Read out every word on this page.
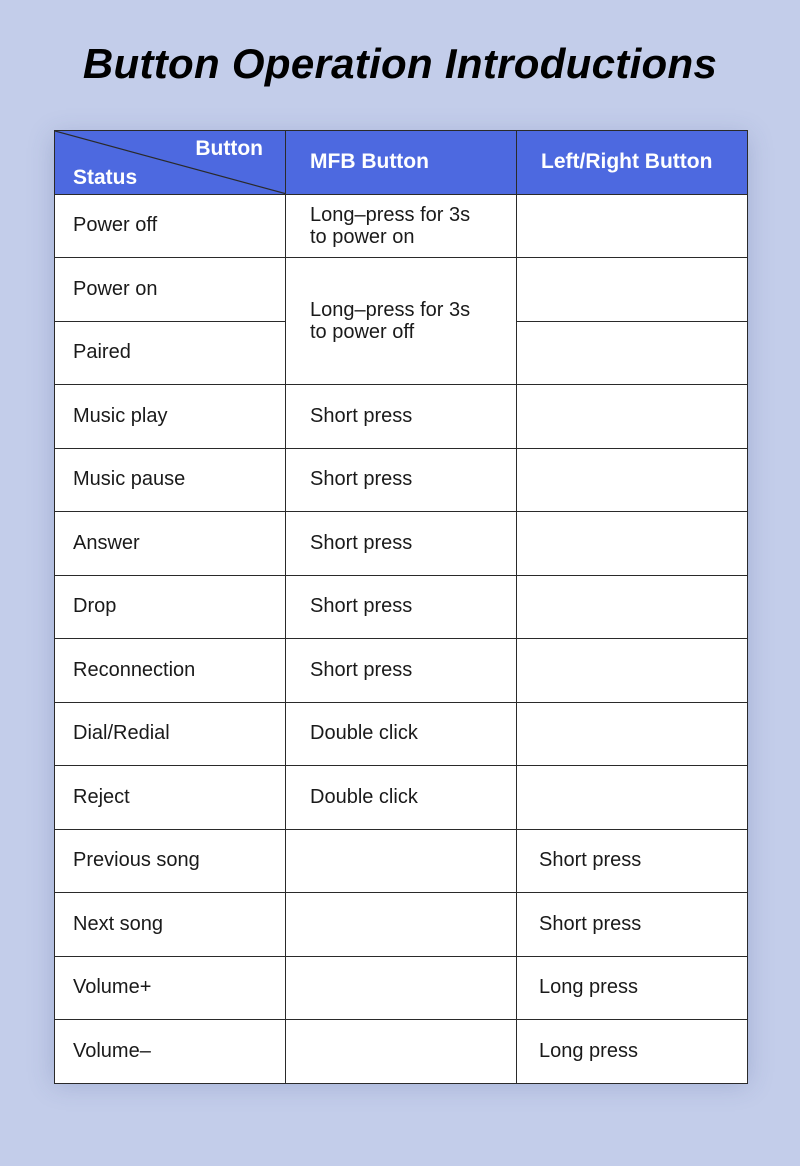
Button Operation Introductions
Button
Status	MFB Button	Left/Right Button
Power off	Long–press for 3s to power on	
Power on	Long–press for 3s to power off	
Paired		
Music play	Short press	
Music pause	Short press	
Answer	Short press	
Drop	Short press	
Reconnection	Short press	
Dial/Redial	Double click	
Reject	Double click	
Previous song		Short press
Next song		Short press
Volume+		Long press
Volume–		Long press
